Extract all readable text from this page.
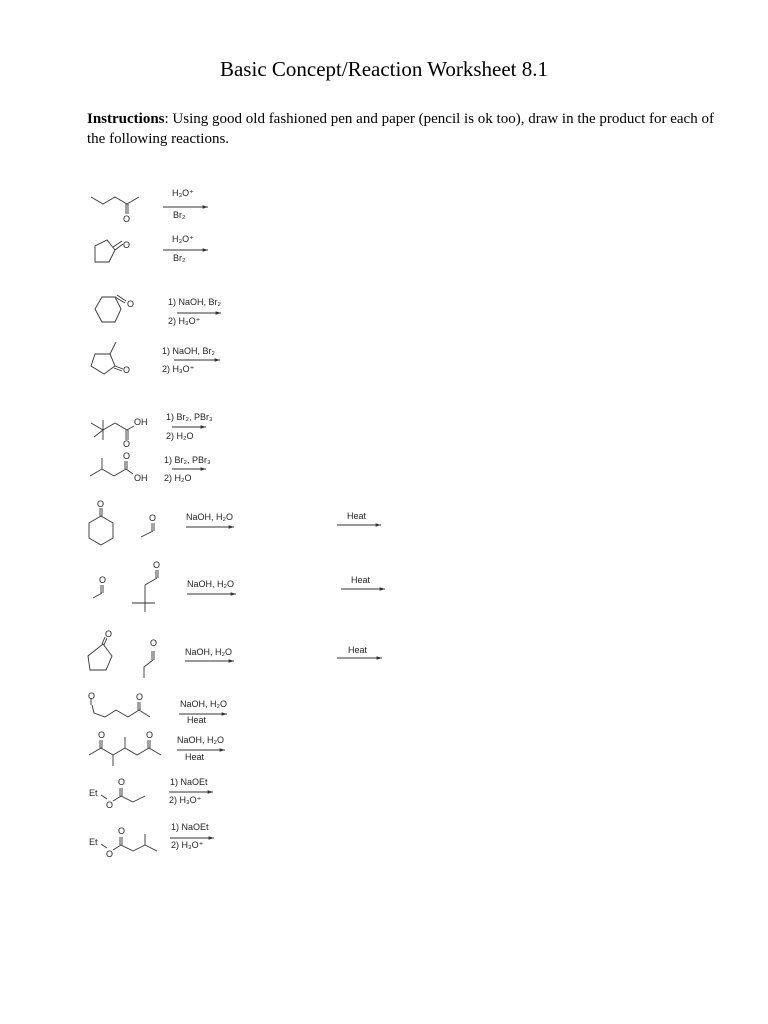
Basic Concept/Reaction Worksheet 8.1
Instructions: Using good old fashioned pen and paper (pencil is ok too), draw in the product for each of the following reactions.
O
O
O
O
OH
O
O
OH
O
O
O
O
O
O
O	O
O	O
Et
O
O
Et
O
O
H₃O⁺
Br₂
H₃O⁺
Br₂
1) NaOH, Br₂
2) H₃O⁺
1) NaOH, Br₂
2) H₃O⁺
1) Br₂, PBr₃
2) H₂O
1) Br₂, PBr₃
2) H₂O
NaOH, H₂O	Heat
NaOH, H₂O	Heat
NaOH, H₂O	Heat
NaOH, H₂O
Heat
NaOH, H₂O
Heat
1) NaOEt
2) H₃O⁺
1) NaOEt
2) H₃O⁺
